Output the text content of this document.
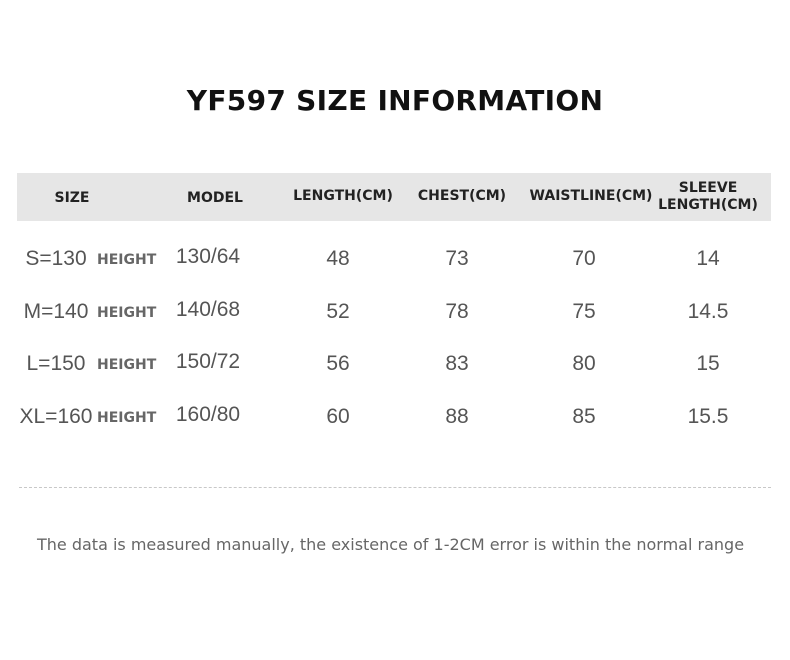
YF597 SIZE INFORMATION
SIZE	MODEL	LENGTH(CM)	CHEST(CM)	WAISTLINE(CM)	SLEEVE
LENGTH(CM)
S=130 HEIGHT 130/64	48	73	70	14
M=140 HEIGHT 140/68	52	78	75	14.5
L=150 HEIGHT 150/72	56	83	80	15
XL=160 HEIGHT 160/80	60	88	85	15.5
The data is measured manually, the existence of 1-2CM error is within the normal range
